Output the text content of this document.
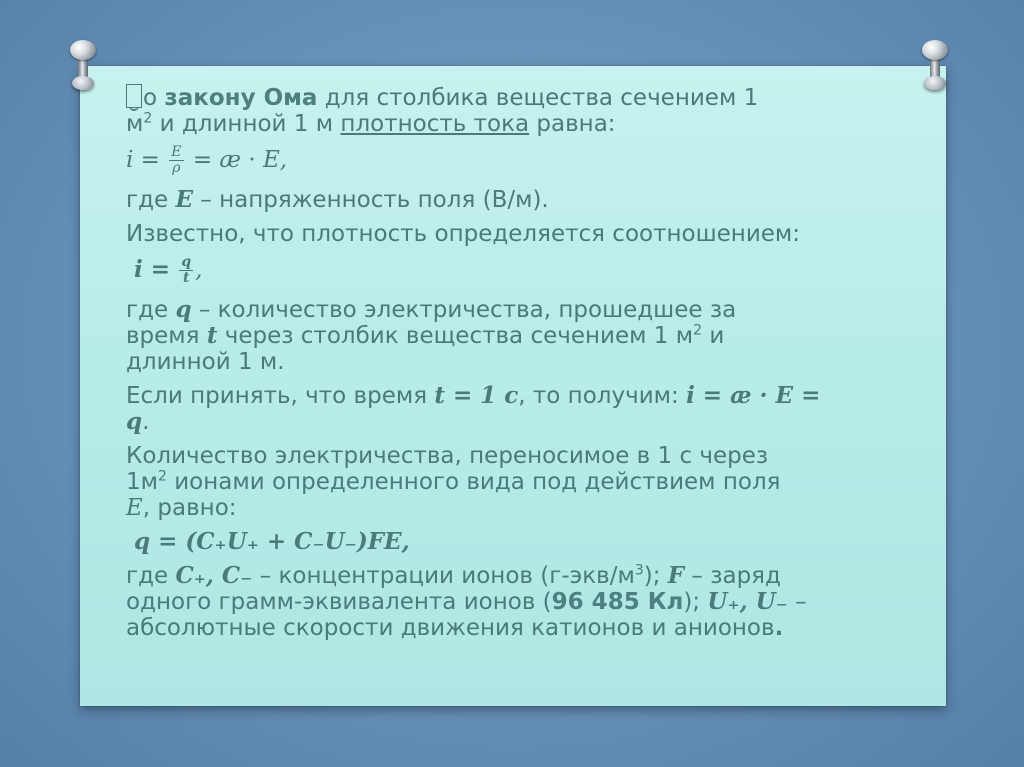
о закону Ома для столбика вещества сечением 1
$м^2$ и длинной 1 м плотность тока равна:

$i = \frac{E}{\rho}$ = æ · E,

где E – напряженность поля (В/м).

Известно, что плотность определяется соотношением:

$i = \frac{q}{t}$ ,

где q – количество электричества, прошедшее за
время t через столбик вещества сечением 1 $м^2$ и
длинной 1 м.

Если принять, что время t = 1 с, то получим: i = æ · E =
q.

Количество электричества, переносимое в 1 с через
$1м^2$ ионами определенного вида под действием поля
E, равно:

q = (C₊U₊ + C₋U₋)FE,

где C₊, C₋ – концентрации ионов $(г-экв/м^3)$; F – заряд
одного грамм-эквивалента ионов (96 485 Кл); U₊, U₋ –
абсолютные скорости движения катионов и анионов.
